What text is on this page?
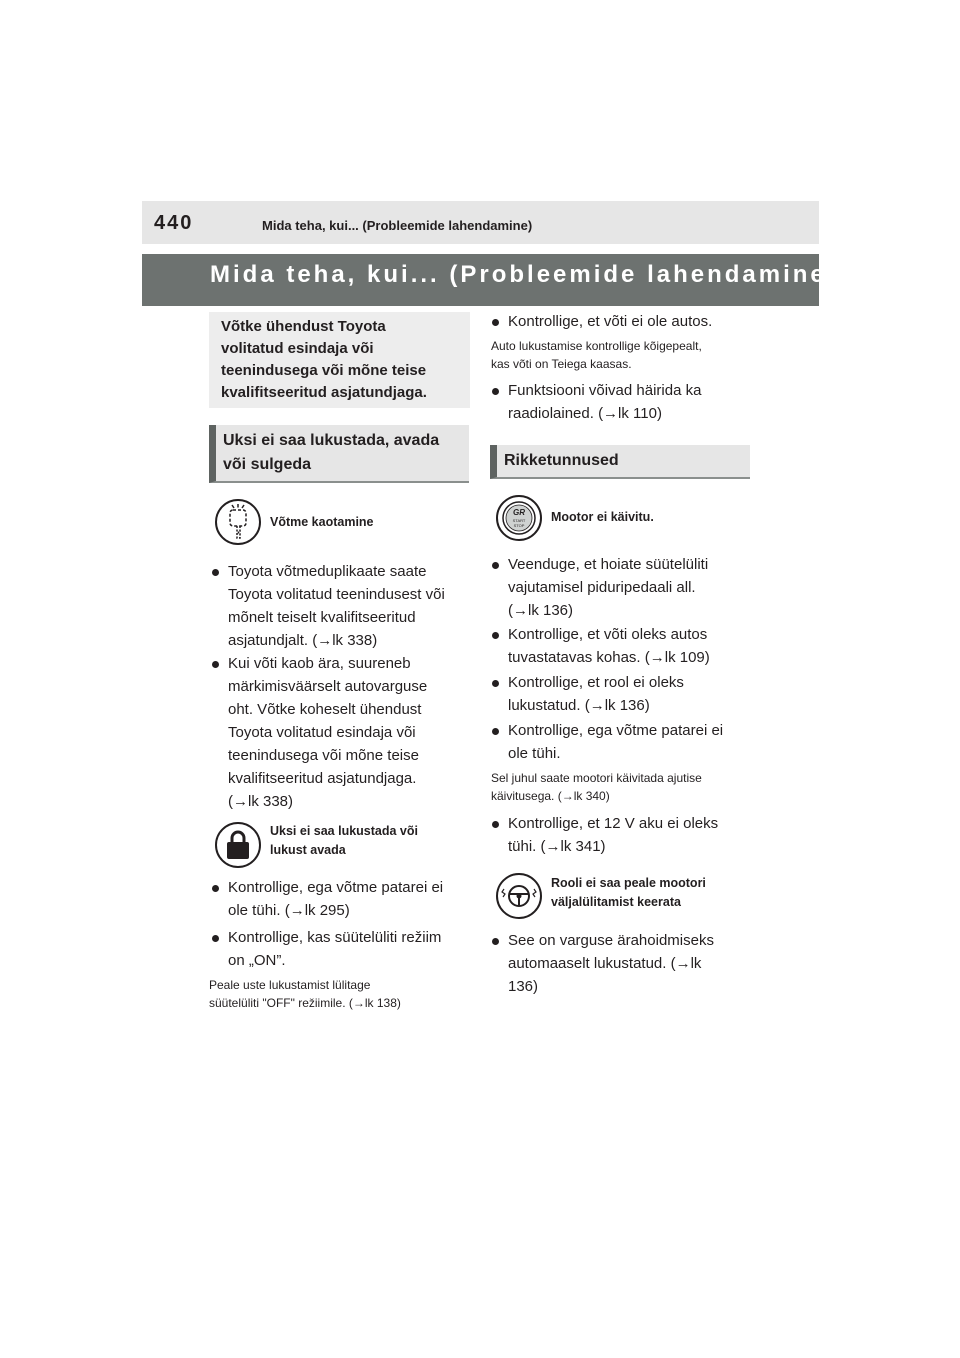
440	Mida teha, kui... (Probleemide lahendamine)
Mida teha, kui... (Probleemide lahendamine)
Võtke ühendust Toyota
volitatud esindaja või
teenindusega või mõne teise
kvalifitseeritud asjatundjaga.
Uksi ei saa lukustada, avada
või sulgeda
Võtme kaotamine
Toyota võtmeduplikaate saate
Toyota volitatud teenindusest või
mõnelt teiselt kvalifitseeritud
asjatundjalt. (→lk 338)
Kui võti kaob ära, suureneb
märkimisväärselt autovarguse
oht. Võtke koheselt ühendust
Toyota volitatud esindaja või
teenindusega või mõne teise
kvalifitseeritud asjatundjaga.
(→lk 338)
Uksi ei saa lukustada või
lukust avada
Kontrollige, ega võtme patarei ei
ole tühi. (→lk 295)
Kontrollige, kas süütelüliti režiim
on „ON”.
Peale uste lukustamist lülitage
süütelüliti "OFF" režiimile. (→lk 138)
Kontrollige, et võti ei ole autos.
Auto lukustamise kontrollige kõigepealt,
kas võti on Teiega kaasas.
Funktsiooni võivad häirida ka
raadiolained. (→lk 110)
Rikketunnused
GR
START
STOP
Mootor ei käivitu.
Veenduge, et hoiate süütelüliti
vajutamisel piduripedaali all.
(→lk 136)
Kontrollige, et võti oleks autos
tuvastatavas kohas. (→lk 109)
Kontrollige, et rool ei oleks
lukustatud. (→lk 136)
Kontrollige, ega võtme patarei ei
ole tühi.
Sel juhul saate mootori käivitada ajutise
käivitusega. (→lk 340)
Kontrollige, et 12 V aku ei oleks
tühi. (→lk 341)
Rooli ei saa peale mootori
väljalülitamist keerata
See on varguse ärahoidmiseks
automaaselt lukustatud. (→lk
136)
